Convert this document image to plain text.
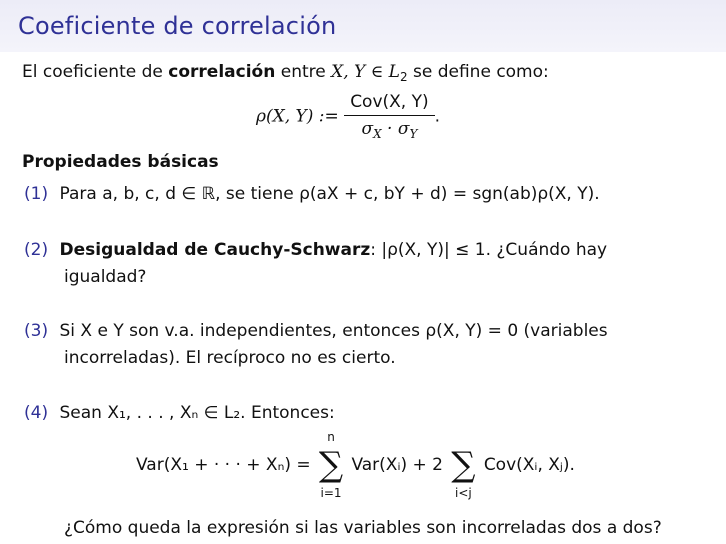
Coeficiente de correlación
El coeficiente de correlación entre X, Y ∈ $L_2$ se define como:
ρ(X, Y) := $\frac{\text{Cov(X, Y)}}{\sigma_X \cdot \sigma_Y}$ .
Propiedades básicas
(1) Para a, b, c, d ∈ ℝ, se tiene ρ(aX + c, bY + d) = sgn(ab)ρ(X, Y).
(2) Desigualdad de Cauchy-Schwarz: |ρ(X, Y)| ≤ 1. ¿Cuándo hay
igualdad?
(3) Si X e Y son v.a. independientes, entonces ρ(X, Y) = 0 (variables
incorreladas). El recíproco no es cierto.
(4) Sean X₁, . . . , Xₙ ∈ L₂. Entonces:
Var(X₁ + · · · + Xₙ) =
n
∑
i=1
Var(Xᵢ) + 2 ∑
i<j
Cov(Xᵢ, Xⱼ).
¿Cómo queda la expresión si las variables son incorreladas dos a dos?
